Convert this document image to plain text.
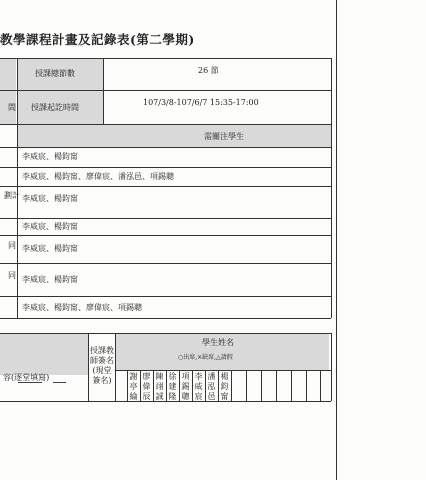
教學課程計畫及記錄表(第二學期)
授課總節數	26 節
間 授課起訖時間
107/3/8-107/6/7 15:35-17:00
需關注學生
李威宸、楊鈞甯
李威宸、楊鈞甯、廖偉宸、潘泓邑、項錫聰
劃計 李威宸、楊鈞甯
李威宸、楊鈞甯
同 李威宸、楊鈞甯
同 李威宸、楊鈞甯
李威宸、楊鈞甯、廖偉宸、項錫聰
容(逐堂填寫)
授課教師簽名(現堂簽名)
學生姓名
○出席,×缺席,△請假
謝亭綸
廖偉辰
陳翊誠
徐建隆
項錫聰
李威宸
潘泓邑
楊鈞甯
